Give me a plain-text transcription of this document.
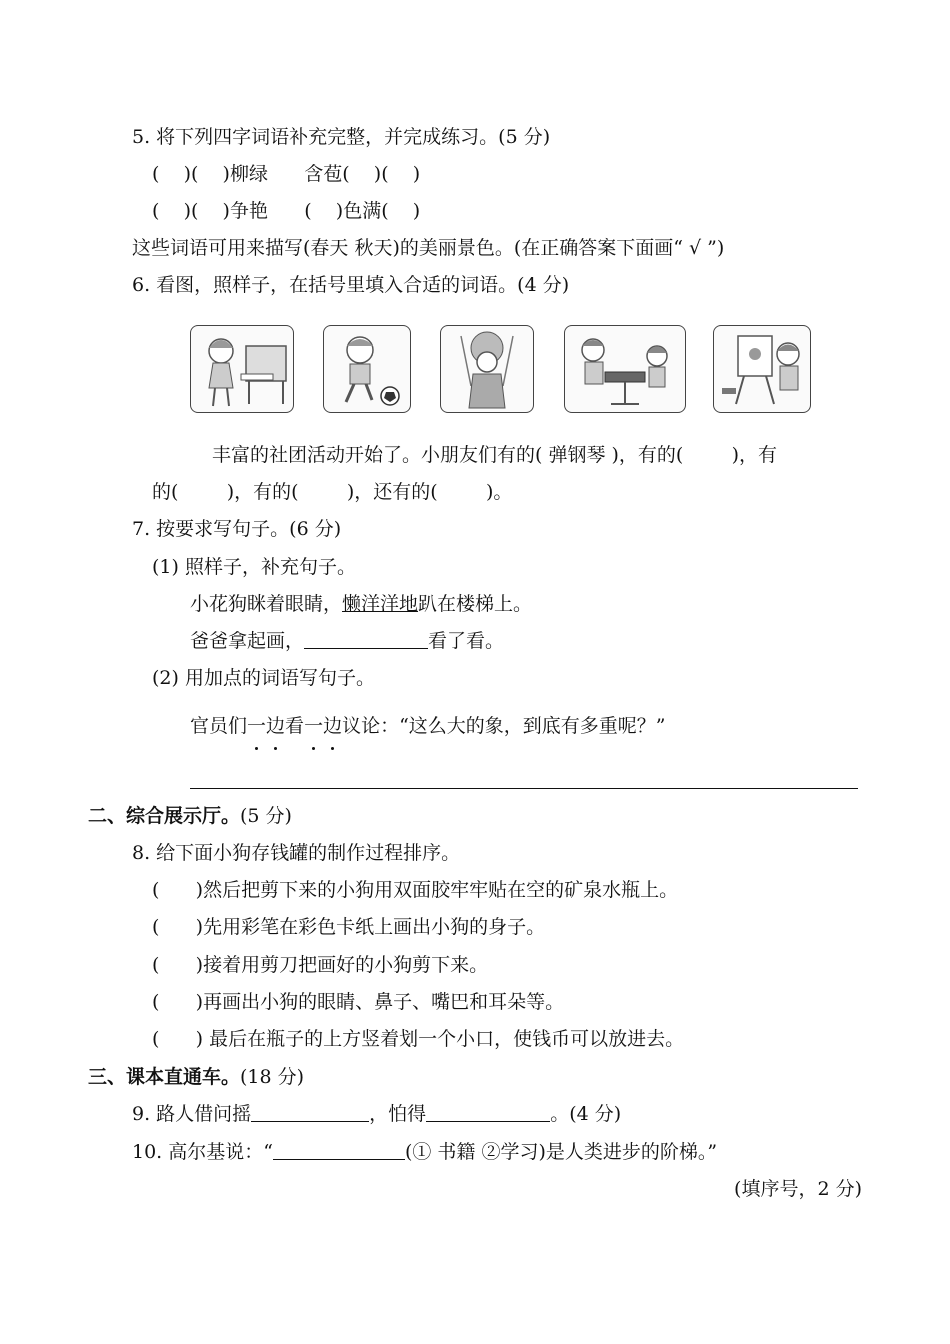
5. 将下列四字词语补充完整，并完成练习。(5 分)
(    )(    )柳绿      含苞(    )(    )
(    )(    )争艳      (    )色满(    )
这些词语可用来描写(春天 秋天)的美丽景色。(在正确答案下面画“ √ ”)
6. 看图，照样子，在括号里填入合适的词语。(4 分)
丰富的社团活动开始了。小朋友们有的( 弹钢琴 )，有的(        )，有
的(        )，有的(        )，还有的(        )。
7. 按要求写句子。(6 分)
(1) 照样子，补充句子。
小花狗眯着眼睛，懒洋洋地趴在楼梯上。
爸爸拿起画，	看了看。
(2) 用加点的词语写句子。
官员们一
边
看一
边
议论：“这么大的象，到底有多重呢？”
二、综合展示厅。(5 分)
8. 给下面小狗存钱罐的制作过程排序。
(      )然后把剪下来的小狗用双面胶牢牢贴在空的矿泉水瓶上。
(      )先用彩笔在彩色卡纸上画出小狗的身子。
(      )接着用剪刀把画好的小狗剪下来。
(      )再画出小狗的眼睛、鼻子、嘴巴和耳朵等。
(      ) 最后在瓶子的上方竖着划一个小口，使钱币可以放进去。
三、课本直通车。(18 分)
9. 路人借问摇	，怕得	。(4 分)
10. 高尔基说：“	(① 书籍 ②学习)是人类进步的阶梯。”
(填序号，2 分)
